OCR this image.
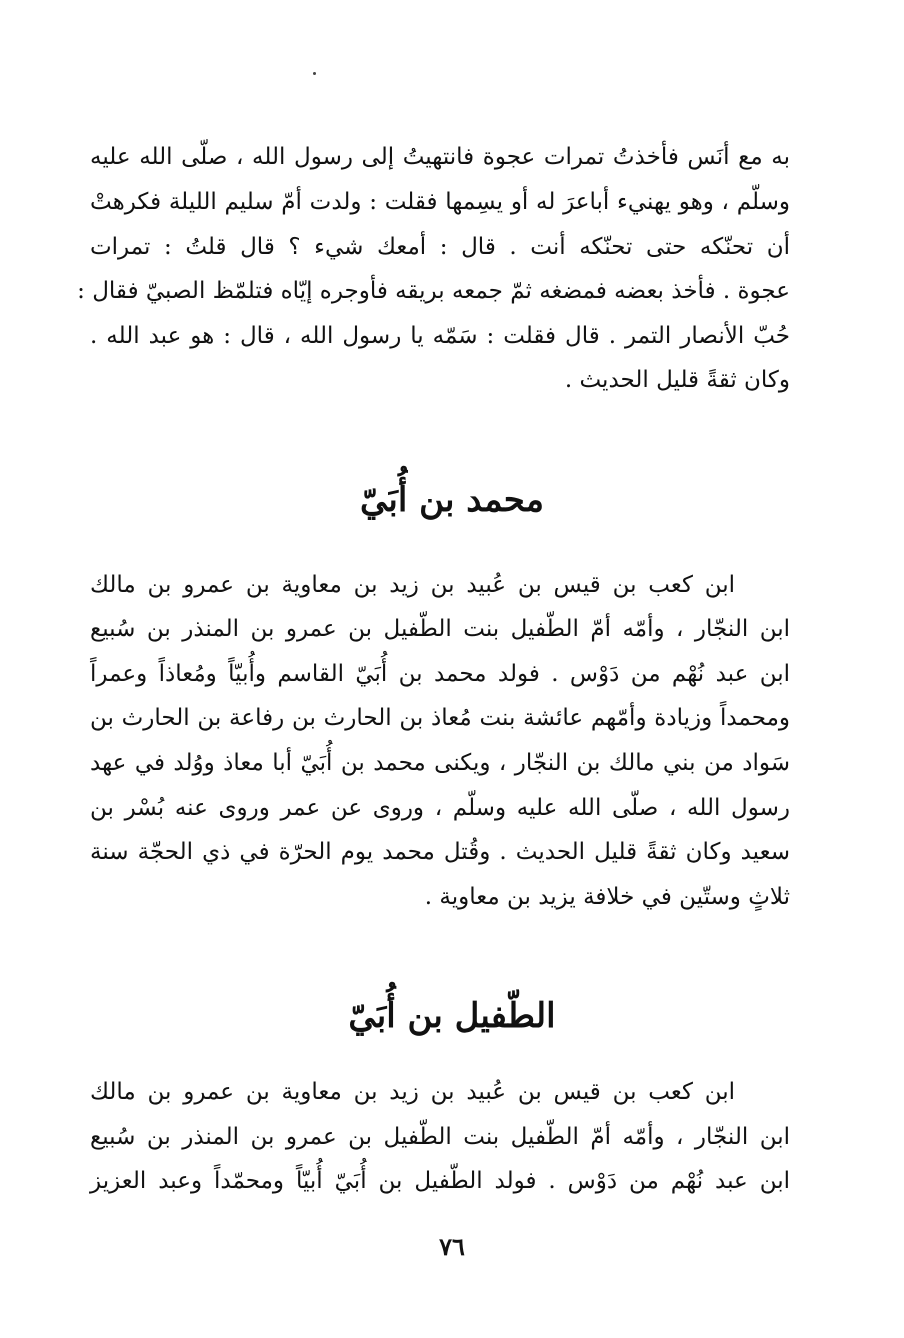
به مع أنَس فأخذتُ تمرات عجوة فانتهيتُ إلى رسول الله ، صلّى الله عليه
وسلّم ، وهو يهنيء أباعرَ له أو يسِمها فقلت : ولدت أمّ سليم الليلة فكرهتْ
أن تحنّكه حتى تحنّكه أنت . قال : أمعك شيء ؟ قال قلتُ : تمرات
عجوة . فأخذ بعضه فمضغه ثمّ جمعه بريقه فأوجره إيّاه فتلمّظ الصبيّ فقال :
حُبّ الأنصار التمر . قال فقلت : سَمّه يا رسول الله ، قال : هو عبد الله .
وكان ثقةً قليل الحديث .
محمد بن أُبَيّ
ابن كعب بن قيس بن عُبيد بن زيد بن معاوية بن عمرو بن مالك
ابن النجّار ، وأمّه أمّ الطّفيل بنت الطّفيل بن عمرو بن المنذر بن سُبيع
ابن عبد نُهْم من دَوْس . فولد محمد بن أُبَيّ القاسم وأُبيّاً ومُعاذاً وعمراً
ومحمداً وزيادة وأمّهم عائشة بنت مُعاذ بن الحارث بن رفاعة بن الحارث بن
سَواد من بني مالك بن النجّار ، ويكنى محمد بن أُبَيّ أبا معاذ ووُلد في عهد
رسول الله ، صلّى الله عليه وسلّم ، وروى عن عمر وروى عنه بُسْر بن
سعيد وكان ثقةً قليل الحديث . وقُتل محمد يوم الحرّة في ذي الحجّة سنة
ثلاثٍ وستّين في خلافة يزيد بن معاوية .
الطّفيل بن أُبَيّ
ابن كعب بن قيس بن عُبيد بن زيد بن معاوية بن عمرو بن مالك
ابن النجّار ، وأمّه أمّ الطّفيل بنت الطّفيل بن عمرو بن المنذر بن سُبيع
ابن عبد نُهْم من دَوْس . فولد الطّفيل بن أُبَيّ أُبيّاً ومحمّداً وعبد العزيز
٧٦
